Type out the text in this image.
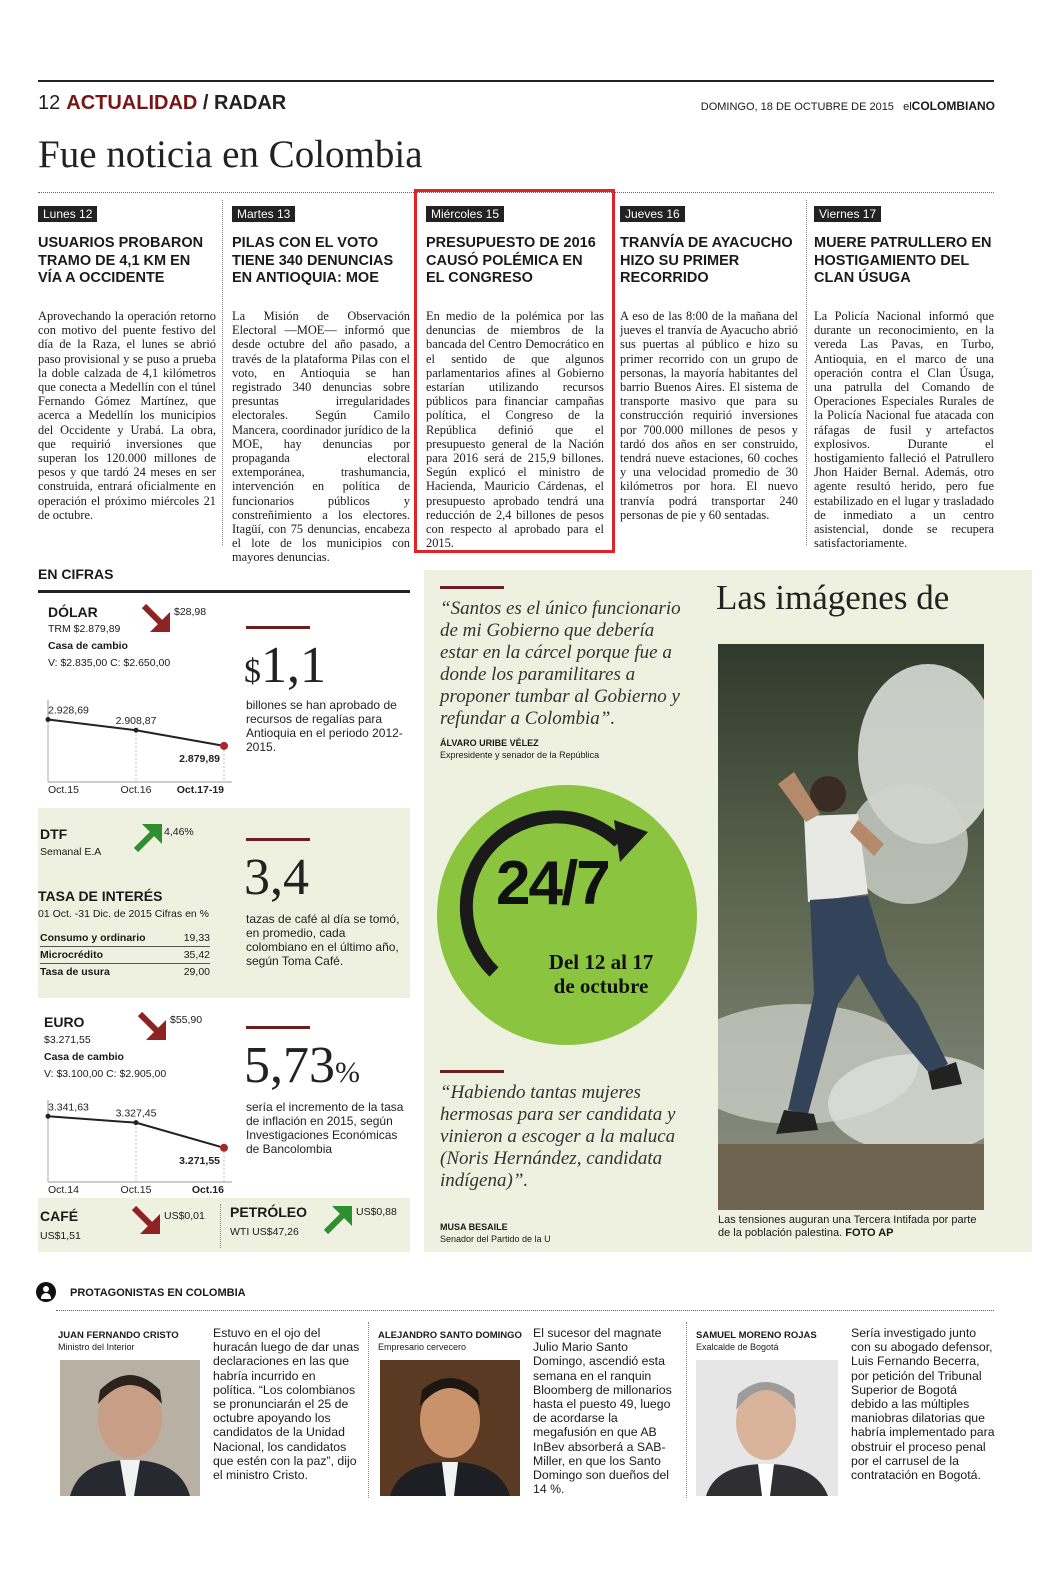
12 ACTUALIDAD / RADAR	DOMINGO, 18 DE OCTUBRE DE 2015 elCOLOMBIANO
Fue noticia en Colombia
Lunes 12
USUARIOS PROBARON TRAMO DE 4,1 KM EN VÍA A OCCIDENTE
Aprovechando la operación retorno con motivo del puente festivo del día de la Raza, el lunes se abrió paso provisional y se puso a prueba la doble calzada de 4,1 kilómetros que conecta a Medellín con el túnel Fernando Gómez Martínez, que acerca a Medellín los municipios del Occidente y Urabá. La obra, que requirió inversiones que superan los 120.000 millones de pesos y que tardó 24 meses en ser construida, entrará oficialmente en operación el próximo miércoles 21 de octubre.
Martes 13
PILAS CON EL VOTO TIENE 340 DENUNCIAS EN ANTIOQUIA: MOE
La Misión de Observación Electoral —MOE— informó que desde octubre del año pasado, a través de la plataforma Pilas con el voto, en Antioquia se han registrado 340 denuncias sobre presuntas irregularidades electorales. Según Camilo Mancera, coordinador jurídico de la MOE, hay denuncias por propaganda electoral extemporánea, trashumancia, intervención en política de funcionarios públicos y constreñimiento a los electores. Itagüí, con 75 denuncias, encabeza el lote de los municipios con mayores denuncias.
Miércoles 15
PRESUPUESTO DE 2016 CAUSÓ POLÉMICA EN EL CONGRESO
En medio de la polémica por las denuncias de miembros de la bancada del Centro Democrático en el sentido de que algunos parlamentarios afines al Gobierno estarían utilizando recursos públicos para financiar campañas política, el Congreso de la República definió que el presupuesto general de la Nación para 2016 será de 215,9 billones. Según explicó el ministro de Hacienda, Mauricio Cárdenas, el presupuesto aprobado tendrá una reducción de 2,4 billones de pesos con respecto al aprobado para el 2015.
Jueves 16
TRANVÍA DE AYACUCHO HIZO SU PRIMER RECORRIDO
A eso de las 8:00 de la mañana del jueves el tranvía de Ayacucho abrió sus puertas al público e hizo su primer recorrido con un grupo de personas, la mayoría habitantes del barrio Buenos Aires. El sistema de transporte masivo que para su construcción requirió inversiones por 700.000 millones de pesos y tardó dos años en ser construido, tendrá nueve estaciones, 60 coches y una velocidad promedio de 30 kilómetros por hora. El nuevo tranvía podrá transportar 240 personas de pie y 60 sentadas.
Viernes 17
MUERE PATRULLERO EN HOSTIGAMIENTO DEL CLAN ÚSUGA
La Policía Nacional informó que durante un reconocimiento, en la vereda Las Pavas, en Turbo, Antioquia, en el marco de una operación contra el Clan Úsuga, una patrulla del Comando de Operaciones Especiales Rurales de la Policía Nacional fue atacada con ráfagas de fusil y artefactos explosivos. Durante el hostigamiento falleció el Patrullero Jhon Haider Bernal. Además, otro agente resultó herido, pero fue estabilizado en el lugar y trasladado de inmediato a un centro asistencial, donde se recupera satisfactoriamente.
EN CIFRAS
DÓLAR
TRM $2.879,89
Casa de cambio
V: $2.835,00 C: $2.650,00
$28,98
2.928,69
Oct.15
2.908,87
Oct.16
2.879,89
Oct.17-19
$1,1
billones se han aprobado de recursos de regalías para Antioquia en el periodo 2012-2015.
DTF
Semanal E.A
4,46%
TASA DE INTERÉS
01 Oct. -31 Dic. de 2015 Cifras en %
Consumo y ordinario	19,33
Microcrédito	35,42
Tasa de usura	29,00
3,4
tazas de café al día se tomó, en promedio, cada colombiano en el último año, según Toma Café.
EURO
$3.271,55
Casa de cambio
V: $3.100,00 C: $2.905,00
$55,90
3.341,63
Oct.14
3.327,45
Oct.15
3.271,55
Oct.16
5,73%
sería el incremento de la tasa de inflación en 2015, según Investigaciones Económicas de Bancolombia
CAFÉ
US$1,51
US$0,01 PETRÓLEO
WTI US$47,26
US$0,88
“Santos es el único funcionario de mi Gobierno que debería estar en la cárcel porque fue a donde los paramilitares a proponer tumbar al Gobierno y refundar a Colombia”.
ÁLVARO URIBE VÉLEZ
Expresidente y senador de la República
24/7
Del 12 al 17
de octubre
“Habiendo tantas mujeres hermosas para ser candidata y vinieron a escoger a la maluca (Noris Hernández, candidata indígena)”.
MUSA BESAILE
Senador del Partido de la U
Las imágenes de
Las tensiones auguran una Tercera Intifada por parte de la población palestina. FOTO AP
PROTAGONISTAS EN COLOMBIA
JUAN FERNANDO CRISTO
Ministro del Interior
Estuvo en el ojo del huracán luego de dar unas declaraciones en las que habría incurrido en política. “Los colombianos se pronunciarán el 25 de octubre apoyando los candidatos de la Unidad Nacional, los candidatos que estén con la paz”, dijo el ministro Cristo.
ALEJANDRO SANTO DOMINGO
Empresario cervecero
El sucesor del magnate Julio Mario Santo Domingo, ascendió esta semana en el ranquin Bloomberg de millonarios hasta el puesto 49, luego de acordarse la megafusión en que AB InBev absorberá a SAB-Miller, en que los Santo Domingo son dueños del 14 %.
SAMUEL MORENO ROJAS
Exalcalde de Bogotá
Sería investigado junto con su abogado defensor, Luis Fernando Becerra, por petición del Tribunal Superior de Bogotá debido a las múltiples maniobras dilatorias que habría implementado para obstruir el proceso penal por el carrusel de la contratación en Bogotá.
